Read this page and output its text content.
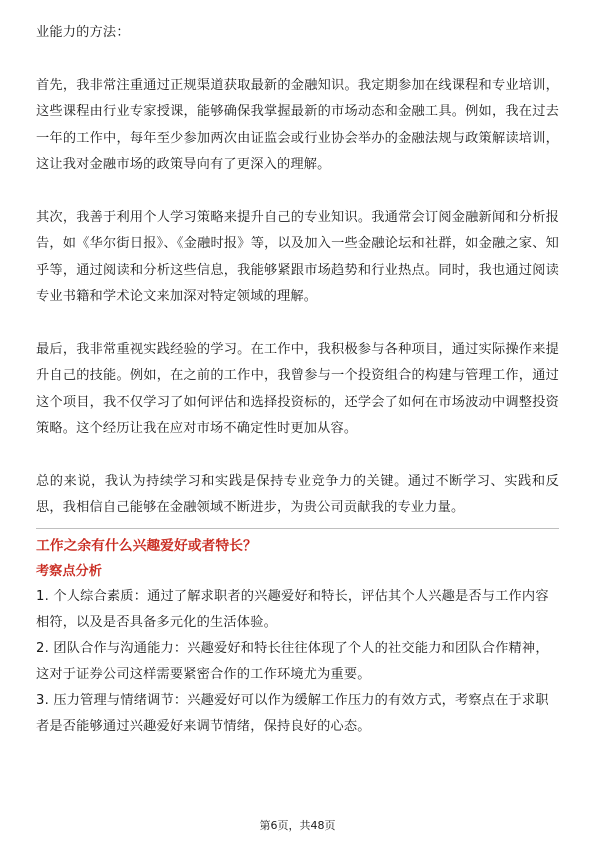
业能力的方法：

首先，我非常注重通过正规渠道获取最新的金融知识。我定期参加在线课程和专业培训，这些课程由行业专家授课，能够确保我掌握最新的市场动态和金融工具。例如，我在过去一年的工作中，每年至少参加两次由证监会或行业协会举办的金融法规与政策解读培训，这让我对金融市场的政策导向有了更深入的理解。

其次，我善于利用个人学习策略来提升自己的专业知识。我通常会订阅金融新闻和分析报告，如《华尔街日报》、《金融时报》等，以及加入一些金融论坛和社群，如金融之家、知乎等，通过阅读和分析这些信息，我能够紧跟市场趋势和行业热点。同时，我也通过阅读专业书籍和学术论文来加深对特定领域的理解。

最后，我非常重视实践经验的学习。在工作中，我积极参与各种项目，通过实际操作来提升自己的技能。例如，在之前的工作中，我曾参与一个投资组合的构建与管理工作，通过这个项目，我不仅学习了如何评估和选择投资标的，还学会了如何在市场波动中调整投资策略。这个经历让我在应对市场不确定性时更加从容。

总的来说，我认为持续学习和实践是保持专业竞争力的关键。通过不断学习、实践和反思，我相信自己能够在金融领域不断进步，为贵公司贡献我的专业力量。

工作之余有什么兴趣爱好或者特长？

考察点分析

1. 个人综合素质：通过了解求职者的兴趣爱好和特长，评估其个人兴趣是否与工作内容相符，以及是否具备多元化的生活体验。

2. 团队合作与沟通能力：兴趣爱好和特长往往体现了个人的社交能力和团队合作精神，这对于证券公司这样需要紧密合作的工作环境尤为重要。

3. 压力管理与情绪调节：兴趣爱好可以作为缓解工作压力的有效方式，考察点在于求职者是否能够通过兴趣爱好来调节情绪，保持良好的心态。

第6页，共48页
